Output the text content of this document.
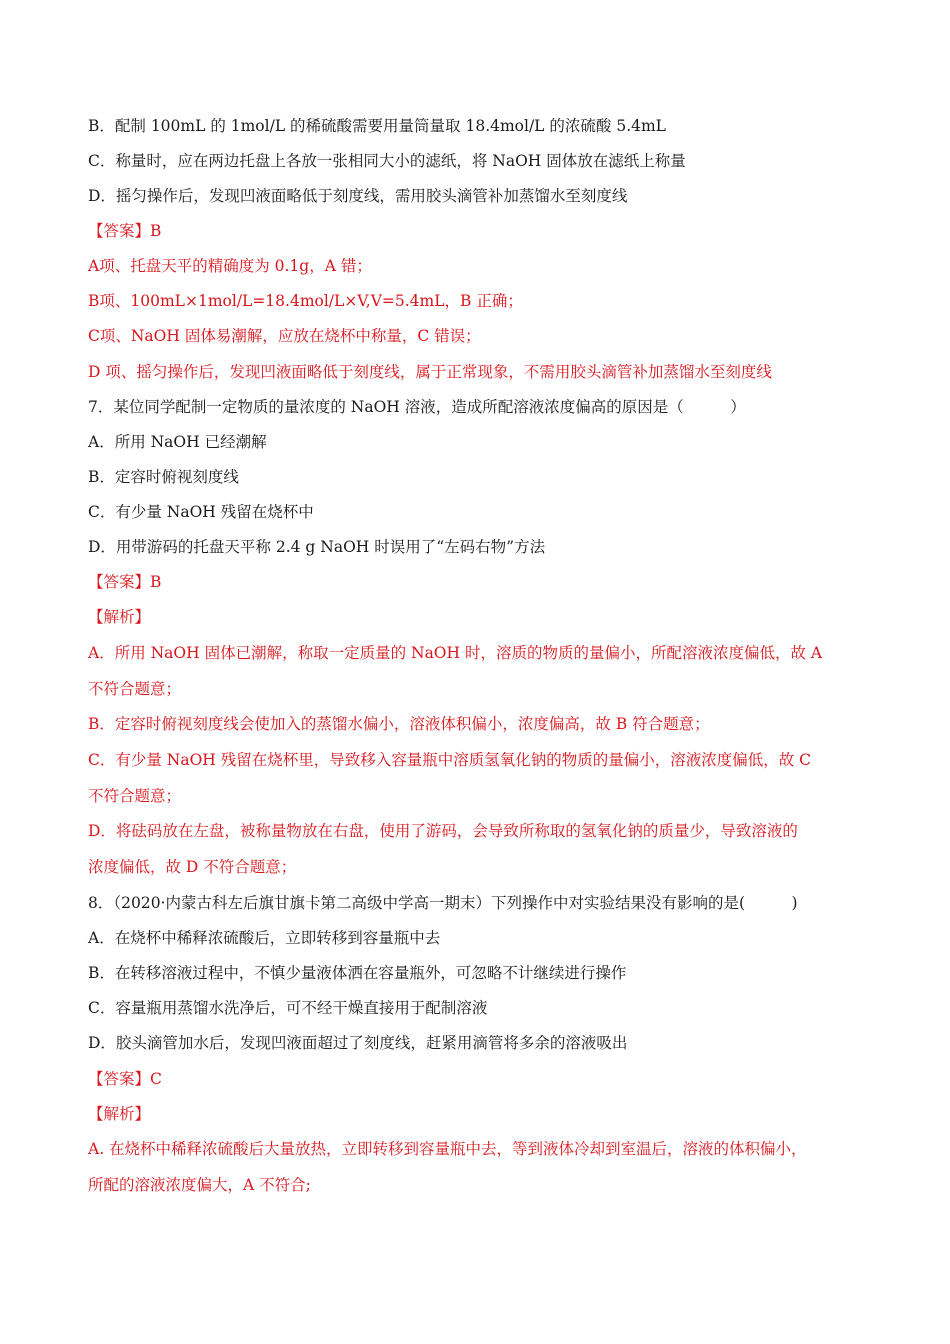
B．配制 100mL 的 1mol/L 的稀硫酸需要用量筒量取 18.4mol/L 的浓硫酸 5.4mL
C．称量时，应在两边托盘上各放一张相同大小的滤纸，将 NaOH 固体放在滤纸上称量
D．摇匀操作后，发现凹液面略低于刻度线，需用胶头滴管补加蒸馏水至刻度线
【答案】B
A项、托盘天平的精确度为 0.1g，A 错；
B项、100mL×1mol/L=18.4mol/L×V,V=5.4mL，B 正确；
C项、NaOH 固体易潮解，应放在烧杯中称量，C 错误；
D 项、摇匀操作后，发现凹液面略低于刻度线，属于正常现象，不需用胶头滴管补加蒸馏水至刻度线
7．某位同学配制一定物质的量浓度的 NaOH 溶液，造成所配溶液浓度偏高的原因是（　　　）
A．所用 NaOH 已经潮解
B．定容时俯视刻度线
C．有少量 NaOH 残留在烧杯中
D．用带游码的托盘天平称 2.4 g NaOH 时误用了“左码右物”方法
【答案】B
【解析】
A．所用 NaOH 固体已潮解，称取一定质量的 NaOH 时，溶质的物质的量偏小，所配溶液浓度偏低，故 A
不符合题意；
B．定容时俯视刻度线会使加入的蒸馏水偏小，溶液体积偏小，浓度偏高，故 B 符合题意；
C．有少量 NaOH 残留在烧杯里，导致移入容量瓶中溶质氢氧化钠的物质的量偏小，溶液浓度偏低，故 C
不符合题意；
D．将砝码放在左盘，被称量物放在右盘，使用了游码，会导致所称取的氢氧化钠的质量少，导致溶液的
浓度偏低，故 D 不符合题意；
8．（2020·内蒙古科左后旗甘旗卡第二高级中学高一期末）下列操作中对实验结果没有影响的是(　　　)
A．在烧杯中稀释浓硫酸后，立即转移到容量瓶中去
B．在转移溶液过程中，不慎少量液体洒在容量瓶外，可忽略不计继续进行操作
C．容量瓶用蒸馏水洗净后，可不经干燥直接用于配制溶液
D．胶头滴管加水后，发现凹液面超过了刻度线，赶紧用滴管将多余的溶液吸出
【答案】C
【解析】
A. 在烧杯中稀释浓硫酸后大量放热，立即转移到容量瓶中去，等到液体冷却到室温后，溶液的体积偏小，
所配的溶液浓度偏大，A 不符合;
